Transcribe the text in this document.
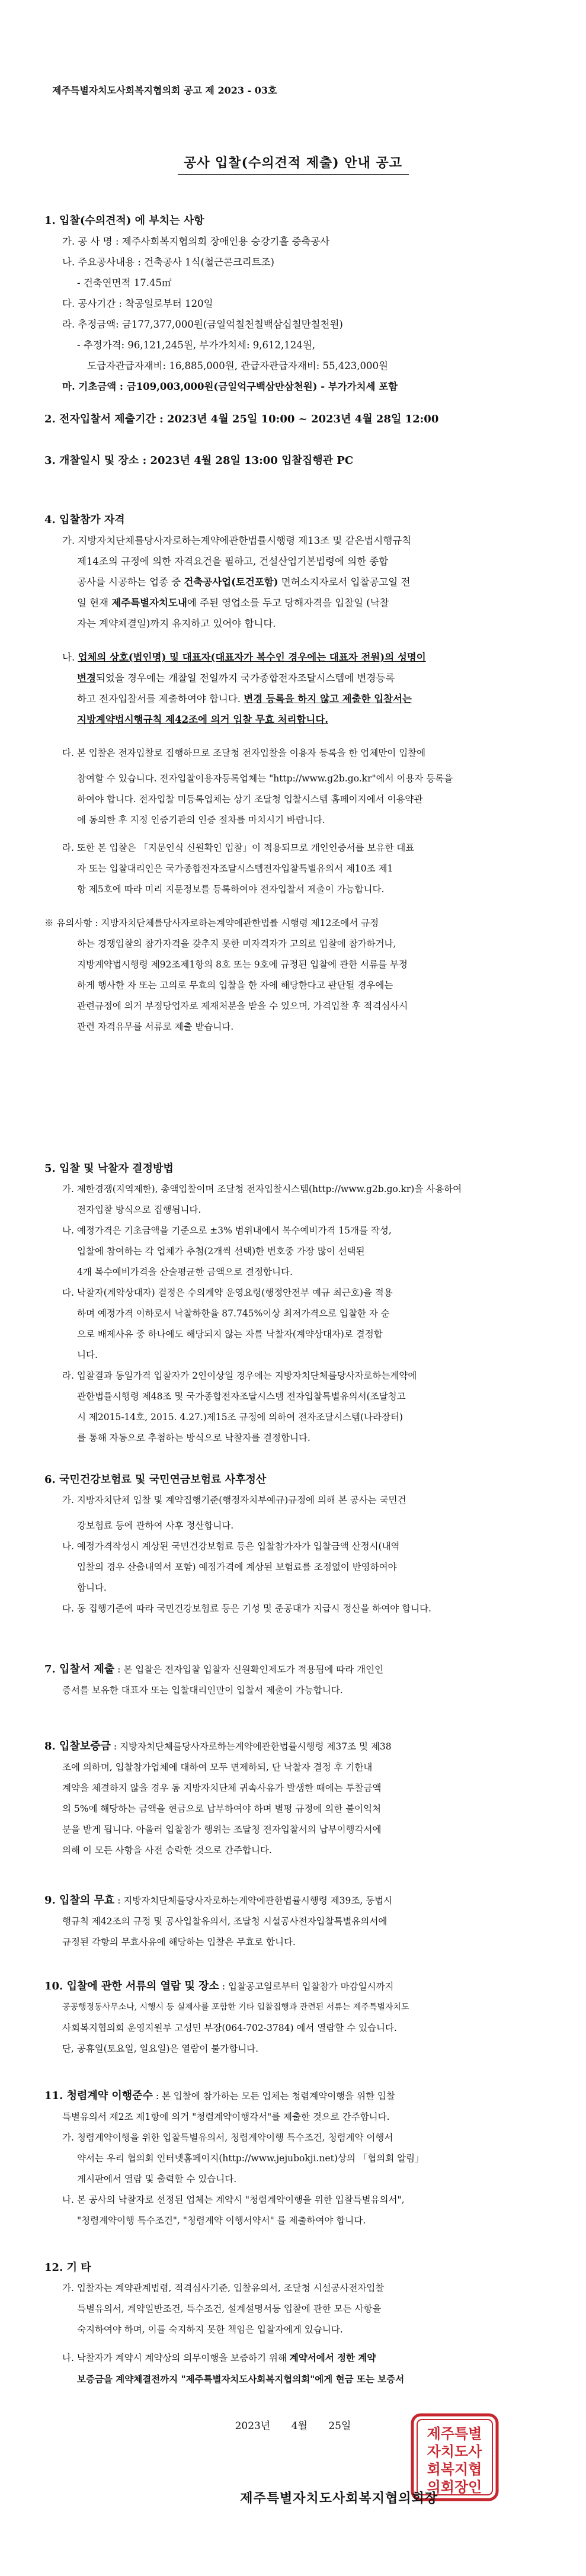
제주특별자치도사회복지협의회 공고 제 2023 - 03호
공사 입찰(수의견적 제출) 안내 공고
1. 입찰(수의견적) 에 부치는 사항
가. 공 사 명 : 제주사회복지협의회 장애인용 승강기홀 증축공사
나. 주요공사내용 : 건축공사 1식(철근콘크리트조)
- 건축연면적 17.45㎡
다. 공사기간 : 착공일로부터 120일
라. 추정금액: 금177,377,000원(금일억칠천칠백삼십칠만칠천원)
- 추정가격: 96,121,245원, 부가가치세: 9,612,124원,
도급자관급자재비: 16,885,000원, 관급자관급자재비: 55,423,000원
마. 기초금액 : 금109,003,000원(금일억구백삼만삼천원) - 부가가치세 포함
2. 전자입찰서 제출기간 : 2023년 4월 25일 10:00 ~ 2023년 4월 28일 12:00
3. 개찰일시 및 장소 : 2023년 4월 28일 13:00 입찰집행관 PC
4. 입찰참가 자격
가. 지방자치단체를당사자로하는계약에관한법률시행령 제13조 및 같은법시행규칙
제14조의 규정에 의한 자격요건을 필하고, 건설산업기본법령에 의한 종합
공사를 시공하는 업종 중 건축공사업(토건포함) 면허소지자로서 입찰공고일 전
일 현재 제주특별자치도내에 주된 영업소를 두고 당해자격을 입찰일 (낙찰
자는 계약체결일)까지 유지하고 있어야 합니다.
나. 업체의 상호(법인명) 및 대표자(대표자가 복수인 경우에는 대표자 전원)의 성명이
변경되었을 경우에는 개찰일 전일까지 국가종합전자조달시스템에 변경등록
하고 전자입찰서를 제출하여야 합니다. 변경 등록을 하지 않고 제출한 입찰서는
지방계약법시행규칙 제42조에 의거 입찰 무효 처리합니다.
다. 본 입찰은 전자입찰로 집행하므로 조달청 전자입찰을 이용자 등록을 한 업체만이 입찰에
참여할 수 있습니다. 전자입찰이용자등록업체는 "http://www.g2b.go.kr"에서 이용자 등록을
하여야 합니다. 전자입찰 미등록업체는 상기 조달청 입찰시스템 홈페이지에서 이용약관
에 동의한 후 지정 인증기관의 인증 절차를 마치시기 바랍니다.
라. 또한 본 입찰은 「지문인식 신원확인 입찰」이 적용되므로 개인인증서를 보유한 대표
자 또는 입찰대리인은 국가종합전자조달시스템전자입찰특별유의서 제10조 제1
항 제5호에 따라 미리 지문정보를 등록하여야 전자입찰서 제출이 가능합니다.
※ 유의사항 : 지방자치단체를당사자로하는계약에관한법률 시행령 제12조에서 규정
하는 경쟁입찰의 참가자격을 갖추지 못한 미자격자가 고의로 입찰에 참가하거나,
지방계약법시행령 제92조제1항의 8호 또는 9호에 규정된 입찰에 관한 서류를 부정
하게 행사한 자 또는 고의로 무효의 입찰을 한 자에 해당한다고 판단될 경우에는
관련규정에 의거 부정당업자로 제재처분을 받을 수 있으며, 가격입찰 후 적격심사시
관련 자격유무를 서류로 제출 받습니다.
5. 입찰 및 낙찰자 결정방법
가. 제한경쟁(지역제한), 총액입찰이며 조달청 전자입찰시스템(http://www.g2b.go.kr)을 사용하여
전자입찰 방식으로 집행됩니다.
나. 예정가격은 기초금액을 기준으로 ±3% 범위내에서 복수예비가격 15개를 작성,
입찰에 참여하는 각 업체가 추첨(2개씩 선택)한 번호중 가장 많이 선택된
4개 복수예비가격을 산술평균한 금액으로 결정합니다.
다. 낙찰자(계약상대자) 결정은 수의계약 운영요령(행정안전부 예규 최근호)을 적용
하며 예정가격 이하로서 낙찰하한율 87.745%이상 최저가격으로 입찰한 자 순
으로 배제사유 중 하나에도 해당되지 않는 자를 낙찰자(계약상대자)로 결정합
니다.
라. 입찰결과 동일가격 입찰자가 2인이상일 경우에는 지방자치단체를당사자로하는계약에
관한법률시행령 제48조 및 국가종합전자조달시스템 전자입찰특별유의서(조달청고
시 제2015-14호, 2015. 4.27.)제15조 규정에 의하여 전자조달시스템(나라장터)
를 통해 자동으로 추첨하는 방식으로 낙찰자를 결정합니다.
6. 국민건강보험료 및 국민연금보험료 사후정산
가. 지방자치단체 입찰 및 계약집행기준(행정자치부예규)규정에 의해 본 공사는 국민건
강보험료 등에 관하여 사후 정산합니다.
나. 예정가격작성시 계상된 국민건강보험료 등은 입찰참가자가 입찰금액 산정시(내역
입찰의 경우 산출내역서 포함) 예정가격에 계상된 보험료를 조정없이 반영하여야
합니다.
다. 동 집행기준에 따라 국민건강보험료 등은 기성 및 준공대가 지급시 정산을 하여야 합니다.
7. 입찰서 제출 : 본 입찰은 전자입찰 입찰자 신원확인제도가 적용됨에 따라 개인인
증서를 보유한 대표자 또는 입찰대리인만이 입찰서 제출이 가능합니다.
8. 입찰보증금 : 지방자치단체를당사자로하는계약에관한법률시행령 제37조 및 제38
조에 의하며, 입찰참가업체에 대하여 모두 면제하되, 단 낙찰자 결정 후 기한내
계약을 체결하지 않을 경우 동 지방자치단체 귀속사유가 발생한 때에는 투찰금액
의 5%에 해당하는 금액을 현금으로 납부하여야 하며 별평 규정에 의한 불이익처
분을 받게 됩니다. 아울러 입찰참가 행위는 조달청 전자입찰서의 납부이행각서에
의해 이 모든 사항을 사전 승락한 것으로 간주합니다.
9. 입찰의 무효 : 지방자치단체를당사자로하는계약에관한법률시행령 제39조, 동법시
행규칙 제42조의 규정 및 공사입찰유의서, 조달청 시설공사전자입찰특별유의서에
규정된 각항의 무효사유에 해당하는 입찰은 무효로 합니다.
10. 입찰에 관한 서류의 열람 및 장소 : 입찰공고일로부터 입찰참가 마감일시까지
공공행정동사무소나, 시행시 등 실제사를 포함한 기타 입찰집행과 관련된 서류는 제주특별자치도
사회복지협의회 운영지원부 고성민 부장(064-702-3784) 에서 열람할 수 있습니다.
단, 공휴일(토요일, 일요일)은 열람이 불가합니다.
11. 청렴계약 이행준수 : 본 입찰에 참가하는 모든 업체는 청렴계약이행을 위한 입찰
특별유의서 제2조 제1항에 의거 "청렴계약이행각서"를 제출한 것으로 간주합니다.
가. 청렴계약이행을 위한 입찰특별유의서, 청렴계약이행 특수조건, 청렴계약 이행서
약서는 우리 협의회 인터넷홈페이지(http://www.jejubokji.net)상의 「협의회 알림」
게시판에서 열람 및 출력할 수 있습니다.
나. 본 공사의 낙찰자로 선정된 업체는 계약시 "청렴계약이행을 위한 입찰특별유의서",
"청렴계약이행 특수조건", "청렴계약 이행서약서" 를 제출하여야 합니다.
12. 기 타
가. 입찰자는 계약관계법령, 적격심사기준, 입찰유의서, 조달청 시설공사전자입찰
특별유의서, 계약일반조건, 특수조건, 설계설명서등 입찰에 관한 모든 사항을
숙지하여야 하며, 이를 숙지하지 못한 책임은 입찰자에게 있습니다.
나. 낙찰자가 계약시 계약상의 의무이행을 보증하기 위해 계약서에서 정한 계약
보증금을 계약체결전까지 "제주특별자치도사회복지협의회"에게 현금 또는 보증서
2023년 4월 25일	제주특별
자치도사
회복지협
의회장인
제주특별자치도사회복지협의회장
